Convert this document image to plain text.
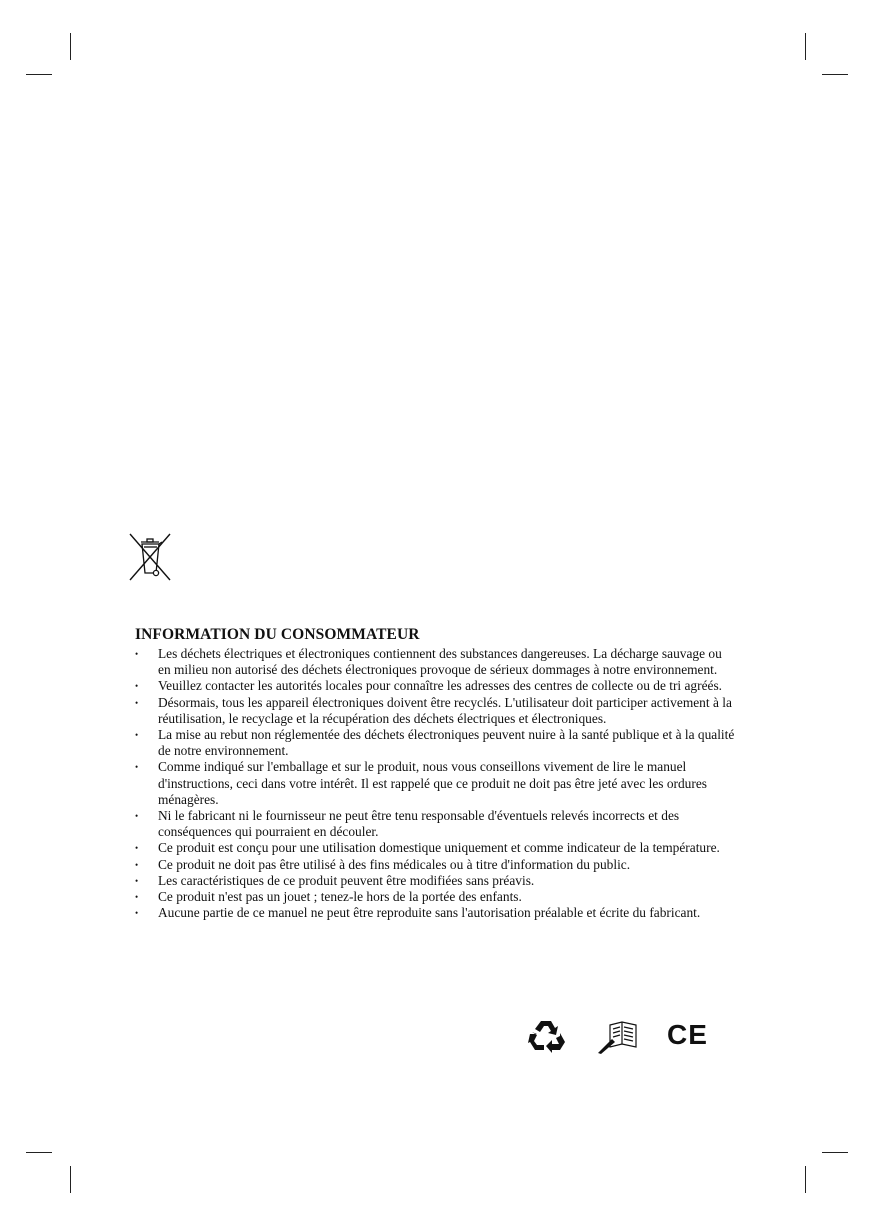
INFORMATION DU CONSOMMATEUR
• Les déchets électriques et électroniques contiennent des substances dangereuses. La décharge sauvage ou en milieu non autorisé des déchets électroniques provoque de sérieux dommages à notre environnement.
• Veuillez contacter les autorités locales pour connaître les adresses des centres de collecte ou de tri agréés.
• Désormais, tous les appareil électroniques doivent être recyclés. L'utilisateur doit participer activement à la réutilisation, le recyclage et la récupération des déchets électriques et électroniques.
• La mise au rebut non réglementée des déchets électroniques peuvent nuire à la santé publique et à la qualité de notre environnement.
• Comme indiqué sur l'emballage et sur le produit, nous vous conseillons vivement de lire le manuel d'instructions, ceci dans votre intérêt. Il est rappelé que ce produit ne doit pas être jeté avec les ordures ménagères.
• Ni le fabricant ni le fournisseur ne peut être tenu responsable d'éventuels relevés incorrects et des conséquences qui pourraient en découler.
• Ce produit est conçu pour une utilisation domestique uniquement et comme indicateur de la température.
• Ce produit ne doit pas être utilisé à des fins médicales ou à titre d'information du public.
• Les caractéristiques de ce produit peuvent être modifiées sans préavis.
• Ce produit n'est pas un jouet ; tenez-le hors de la portée des enfants.
• Aucune partie de ce manuel ne peut être reproduite sans l'autorisation préalable et écrite du fabricant.
CE
